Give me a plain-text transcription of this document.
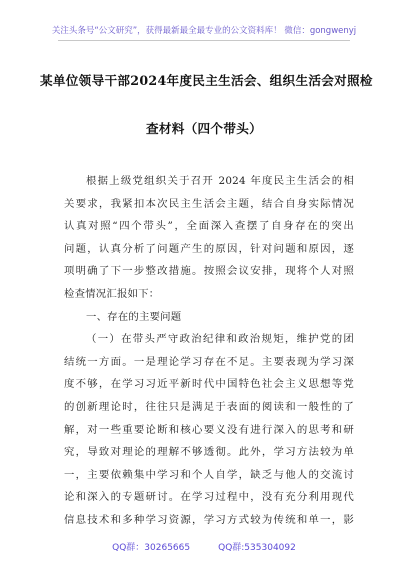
关注头条号“公文研究”，获得最新最全最专业的公文资料库！ 微信：gongwenyj
某单位领导干部2024年度民主生活会、组织生活会对照检
查材料（四个带头）
根据上级党组织关于召开 2024 年度民主生活会的相
关要求，我紧扣本次民主生活会主题，结合自身实际情况
认真对照“四个带头”，全面深入查摆了自身存在的突出
问题，认真分析了问题产生的原因，针对问题和原因，逐
项明确了下一步整改措施。按照会议安排，现将个人对照
检查情况汇报如下：
一、存在的主要问题
（一）在带头严守政治纪律和政治规矩，维护党的团
结统一方面。一是理论学习存在不足。主要表现为学习深
度不够，在学习习近平新时代中国特色社会主义思想等党
的创新理论时，往往只是满足于表面的阅读和一般性的了
解，对一些重要论断和核心要义没有进行深入的思考和研
究，导致对理论的理解不够透彻。此外，学习方法较为单
一，主要依赖集中学习和个人自学，缺乏与他人的交流讨
论和深入的专题研讨。在学习过程中，没有充分利用现代
信息技术和多种学习资源，学习方式较为传统和单一，影
QQ群：30265665	QQ群:535304092
